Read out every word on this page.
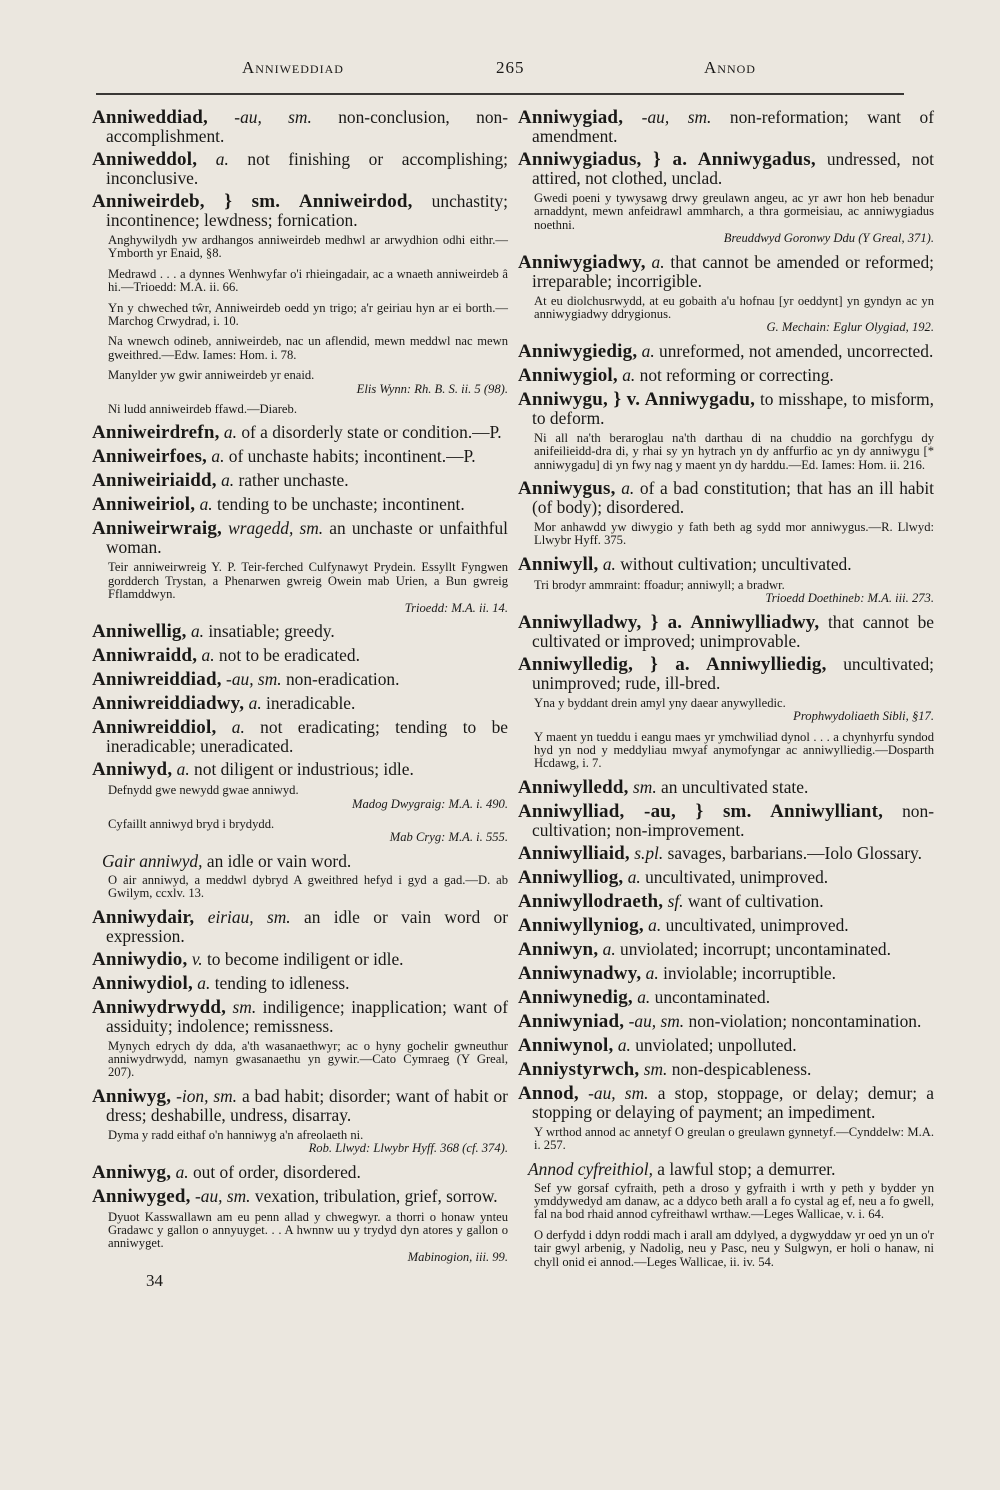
Anniweddiad	265	Annod
Anniweddiad, -au, sm. non-conclusion, non-accomplishment.
Anniweddol, a. not finishing or accomplishing; inconclusive.
Anniweirdeb, } sm. Anniweirdod, unchastity; incontinence; lewdness; fornication.
Anghywilydh yw ardhangos anniweirdeb medhwl ar arwydhion odhi eithr.—Ymborth yr Enaid, §8.
Medrawd . . . a dynnes Wenhwyfar o'i rhieingadair, ac a wnaeth anniweirdeb â hi.—Trioedd: M.A. ii. 66.
Yn y chweched tŵr, Anniweirdeb oedd yn trigo; a'r geiriau hyn ar ei borth.—Marchog Crwydrad, i. 10.
Na wnewch odineb, anniweirdeb, nac un aflendid, mewn meddwl nac mewn gweithred.—Edw. Iames: Hom. i. 78.
Manylder yw gwir anniweirdeb yr enaid.
Elis Wynn: Rh. B. S. ii. 5 (98).
Ni ludd anniweirdeb ffawd.—Diareb.
Anniweirdrefn, a. of a disorderly state or condition.—P.
Anniweirfoes, a. of unchaste habits; incontinent.—P.
Anniweiriaidd, a. rather unchaste.
Anniweiriol, a. tending to be unchaste; incontinent.
Anniweirwraig, wragedd, sm. an unchaste or unfaithful woman.
Teir anniweirwreig Y. P. Teir-ferched Culfynawyt Prydein. Essyllt Fyngwen gordderch Trystan, a Phenarwen gwreig Owein mab Urien, a Bun gwreig Fflamddwyn.
Trioedd: M.A. ii. 14.
Anniwellig, a. insatiable; greedy.
Anniwraidd, a. not to be eradicated.
Anniwreiddiad, -au, sm. non-eradication.
Anniwreiddiadwy, a. ineradicable.
Anniwreiddiol, a. not eradicating; tending to be ineradicable; uneradicated.
Anniwyd, a. not diligent or industrious; idle.
Defnydd gwe newydd gwae anniwyd.
Madog Dwygraig: M.A. i. 490.
Cyfaillt anniwyd bryd i brydydd.
Mab Cryg: M.A. i. 555.
Gair anniwyd, an idle or vain word.
O air anniwyd, a meddwl dybryd A gweithred hefyd i gyd a gad.—D. ab Gwilym, ccxlv. 13.
Anniwydair, eiriau, sm. an idle or vain word or expression.
Anniwydio, v. to become indiligent or idle.
Anniwydiol, a. tending to idleness.
Anniwydrwydd, sm. indiligence; inapplication; want of assiduity; indolence; remissness.
Mynych edrych dy dda, a'th wasanaethwyr; ac o hyny gochelir gwneuthur anniwydrwydd, namyn gwasanaethu yn gywir.—Cato Cymraeg (Y Greal, 207).
Anniwyg, -ion, sm. a bad habit; disorder; want of habit or dress; deshabille, undress, disarray.
Dyma y radd eithaf o'n hanniwyg a'n afreolaeth ni.
Rob. Llwyd: Llwybr Hyff. 368 (cf. 374).
Anniwyg, a. out of order, disordered.
Anniwyged, -au, sm. vexation, tribulation, grief, sorrow.
Dyuot Kasswallawn am eu penn allad y chwegwyr. a thorri o honaw ynteu Gradawc y gallon o annyuyget. . . A hwnnw uu y trydyd dyn atores y gallon o anniwyget.
Mabinogion, iii. 99.
34
Anniwygiad, -au, sm. non-reformation; want of amendment.
Anniwygiadus, } a. Anniwygadus, undressed, not attired, not clothed, unclad.
Gwedi poeni y tywysawg drwy greulawn angeu, ac yr awr hon heb benadur arnaddynt, mewn anfeidrawl ammharch, a thra gormeisiau, ac anniwygiadus noethni.
Breuddwyd Goronwy Ddu (Y Greal, 371).
Anniwygiadwy, a. that cannot be amended or reformed; irreparable; incorrigible.
At eu diolchusrwydd, at eu gobaith a'u hofnau [yr oeddynt] yn gyndyn ac yn anniwygiadwy ddrygionus.
G. Mechain: Eglur Olygiad, 192.
Anniwygiedig, a. unreformed, not amended, uncorrected.
Anniwygiol, a. not reforming or correcting.
Anniwygu, } v. Anniwygadu, to misshape, to misform, to deform.
Ni all na'th beraroglau na'th darthau di na chuddio na gorchfygu dy anifeilieidd-dra di, y rhai sy yn hytrach yn dy anffurfio ac yn dy anniwygu [* anniwygadu] di yn fwy nag y maent yn dy harddu.—Ed. Iames: Hom. ii. 216.
Anniwygus, a. of a bad constitution; that has an ill habit (of body); disordered.
Mor anhawdd yw diwygio y fath beth ag sydd mor anniwygus.—R. Llwyd: Llwybr Hyff. 375.
Anniwyll, a. without cultivation; uncultivated.
Tri brodyr ammraint: ffoadur; anniwyll; a bradwr.
Trioedd Doethineb: M.A. iii. 273.
Anniwylladwy, } a. Anniwylliadwy, that cannot be cultivated or improved; unimprovable.
Anniwylledig, } a. Anniwylliedig, uncultivated; unimproved; rude, ill-bred.
Yna y byddant drein amyl yny daear anywylledic.
Prophwydoliaeth Sibli, §17.
Y maent yn tueddu i eangu maes yr ymchwiliad dynol . . . a chynhyrfu syndod hyd yn nod y meddyliau mwyaf anymofyngar ac anniwylliedig.—Dosparth Hcdawg, i. 7.
Anniwylledd, sm. an uncultivated state.
Anniwylliad, -au, } sm. Anniwylliant, non-cultivation; non-improvement.
Anniwylliaid, s.pl. savages, barbarians.—Iolo Glossary.
Anniwylliog, a. uncultivated, unimproved.
Anniwyllodraeth, sf. want of cultivation.
Anniwyllyniog, a. uncultivated, unimproved.
Anniwyn, a. unviolated; incorrupt; uncontaminated.
Anniwynadwy, a. inviolable; incorruptible.
Anniwynedig, a. uncontaminated.
Anniwyniad, -au, sm. non-violation; noncontamination.
Anniwynol, a. unviolated; unpolluted.
Anniystyrwch, sm. non-despicableness.
Annod, -au, sm. a stop, stoppage, or delay; demur; a stopping or delaying of payment; an impediment.
Y wrthod annod ac annetyf O greulan o greulawn gynnetyf.—Cynddelw: M.A. i. 257.
Annod cyfreithiol, a lawful stop; a demurrer.
Sef yw gorsaf cyfraith, peth a droso y gyfraith i wrth y peth y bydder yn ymddywedyd am danaw, ac a ddyco beth arall a fo cystal ag ef, neu a fo gwell, fal na bod rhaid annod cyfreithawl wrthaw.—Leges Wallicae, v. i. 64.
O derfydd i ddyn roddi mach i arall am ddylyed, a dygwyddaw yr oed yn un o'r tair gwyl arbenig, y Nadolig, neu y Pasc, neu y Sulgwyn, er holi o hanaw, ni chyll onid ei annod.—Leges Wallicae, ii. iv. 54.
